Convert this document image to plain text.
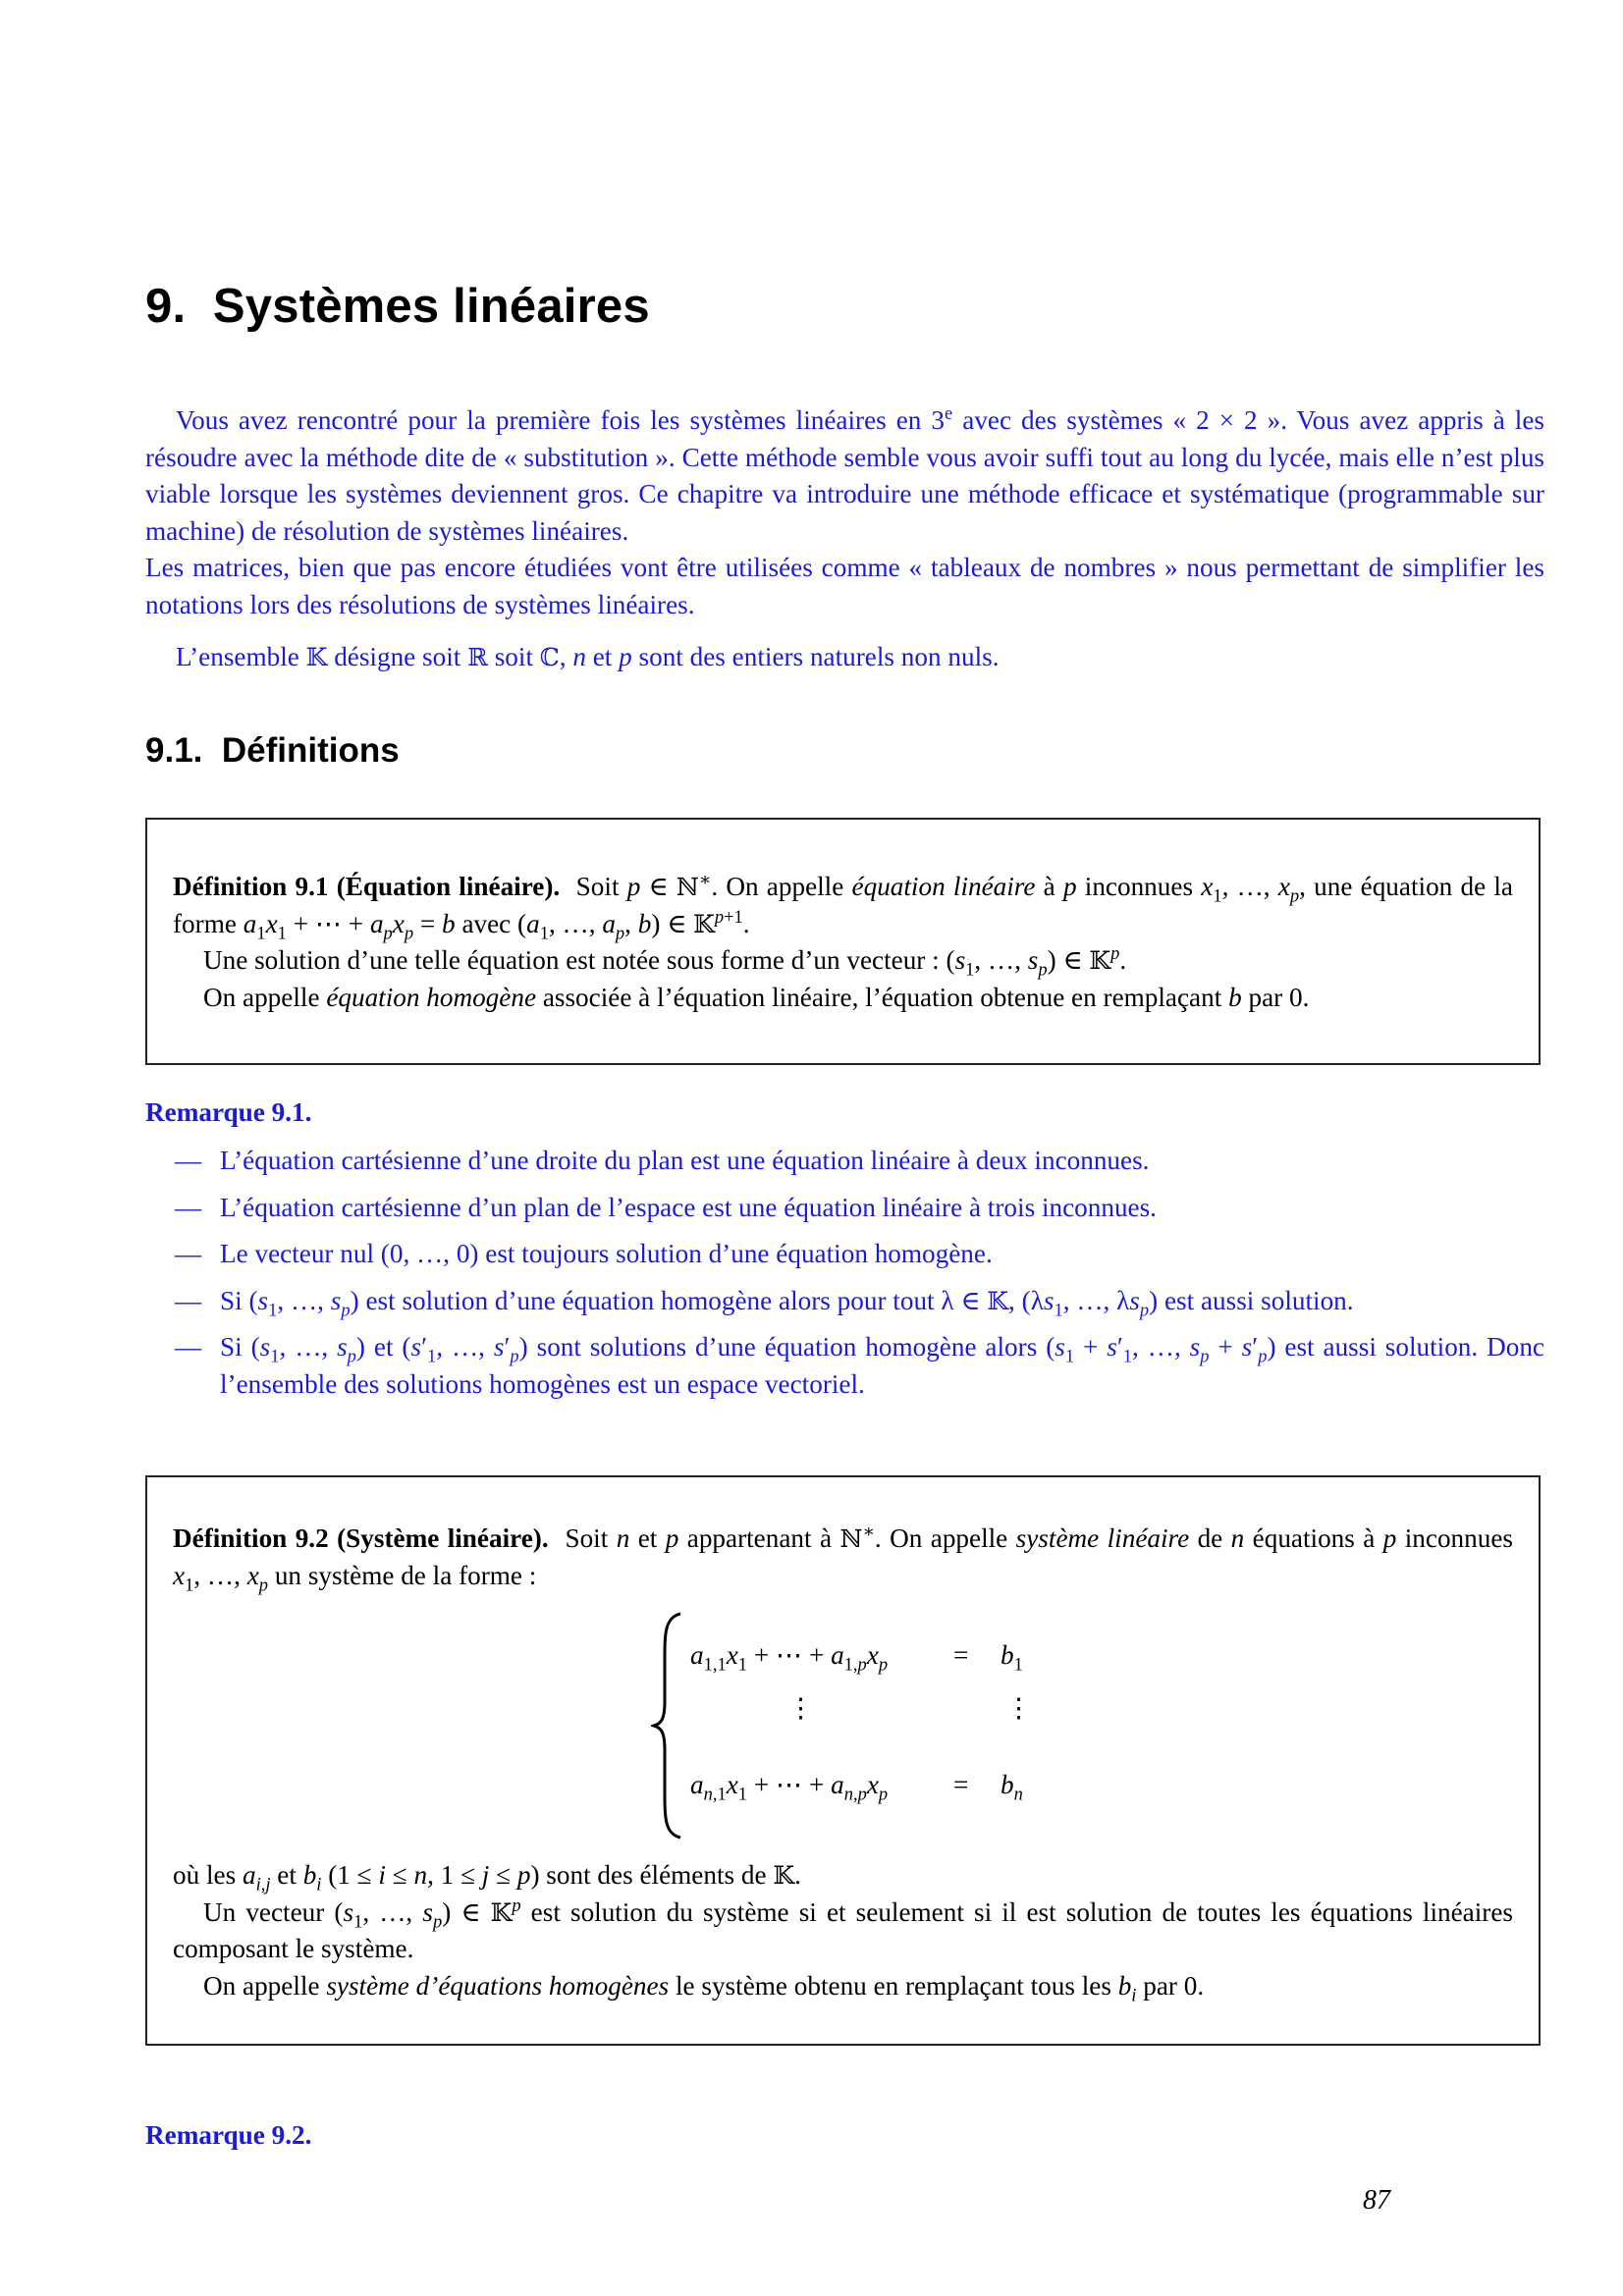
9. Systèmes linéaires

Vous avez rencontré pour la première fois les systèmes linéaires en 3e avec des systèmes « 2 × 2 ». Vous avez appris à les résoudre avec la méthode dite de « substitution ». Cette méthode semble vous avoir suffi tout au long du lycée, mais elle n’est plus viable lorsque les systèmes deviennent gros. Ce chapitre va introduire une méthode efficace et systématique (programmable sur machine) de résolution de systèmes linéaires.

Les matrices, bien que pas encore étudiées vont être utilisées comme « tableaux de nombres » nous permettant de simplifier les notations lors des résolutions de systèmes linéaires.

L’ensemble 𝕂 désigne soit ℝ soit ℂ, n et p sont des entiers naturels non nuls.

9.1. Définitions

Définition 9.1 (Équation linéaire).  Soit p ∈ ℕ∗. On appelle équation linéaire à p inconnues $x_1$, …, $x_p$, une équation de la forme $a_1x_1$ + ⋯ + $a_px_p = b$ avec ($a_1$, …, $a_p$, b) ∈ 𝕂$^{p+1}$.

Une solution d’une telle équation est notée sous forme d’un vecteur : ($s_1$, …, $s_p$) ∈ 𝕂$^p$.

On appelle équation homogène associée à l’équation linéaire, l’équation obtenue en remplaçant b par 0.

Remarque 9.1.
— L’équation cartésienne d’une droite du plan est une équation linéaire à deux inconnues.
— L’équation cartésienne d’un plan de l’espace est une équation linéaire à trois inconnues.
— Le vecteur nul (0, …, 0) est toujours solution d’une équation homogène.
— Si ($s_1$, …, $s_p$) est solution d’une équation homogène alors pour tout λ ∈ 𝕂, ($\lambda s_1$, …, $\lambda s_p$) est aussi solution.
— Si ($s_1$, …, $s_p$) et ($s'_1$, …, $s'_p$) sont solutions d’une équation homogène alors ($s_1 + s'_1$, …, $s_p + s'_p$) est aussi solution. Donc l’ensemble des solutions homogènes est un espace vectoriel.

Définition 9.2 (Système linéaire).  Soit n et p appartenant à ℕ∗. On appelle système linéaire de n équations à p inconnues $x_1$, …, $x_p$ un système de la forme :

$a_{1,1}x_1$ + ⋯ + $a_{1,p}x_p = b_1$
⋮	⋮
$a_{n,1}x_1$ + ⋯ + $a_{n,p}x_p = b_n$

où les $a_{i,j}$ et $b_i$ (1 ≤ i ≤ n, 1 ≤ j ≤ p) sont des éléments de 𝕂.

Un vecteur ($s_1$, …, $s_p$) ∈ 𝕂$^p$ est solution du système si et seulement si il est solution de toutes les équations linéaires composant le système.

On appelle système d’équations homogènes le système obtenu en remplaçant tous les $b_i$ par 0.

Remarque 9.2.
87
